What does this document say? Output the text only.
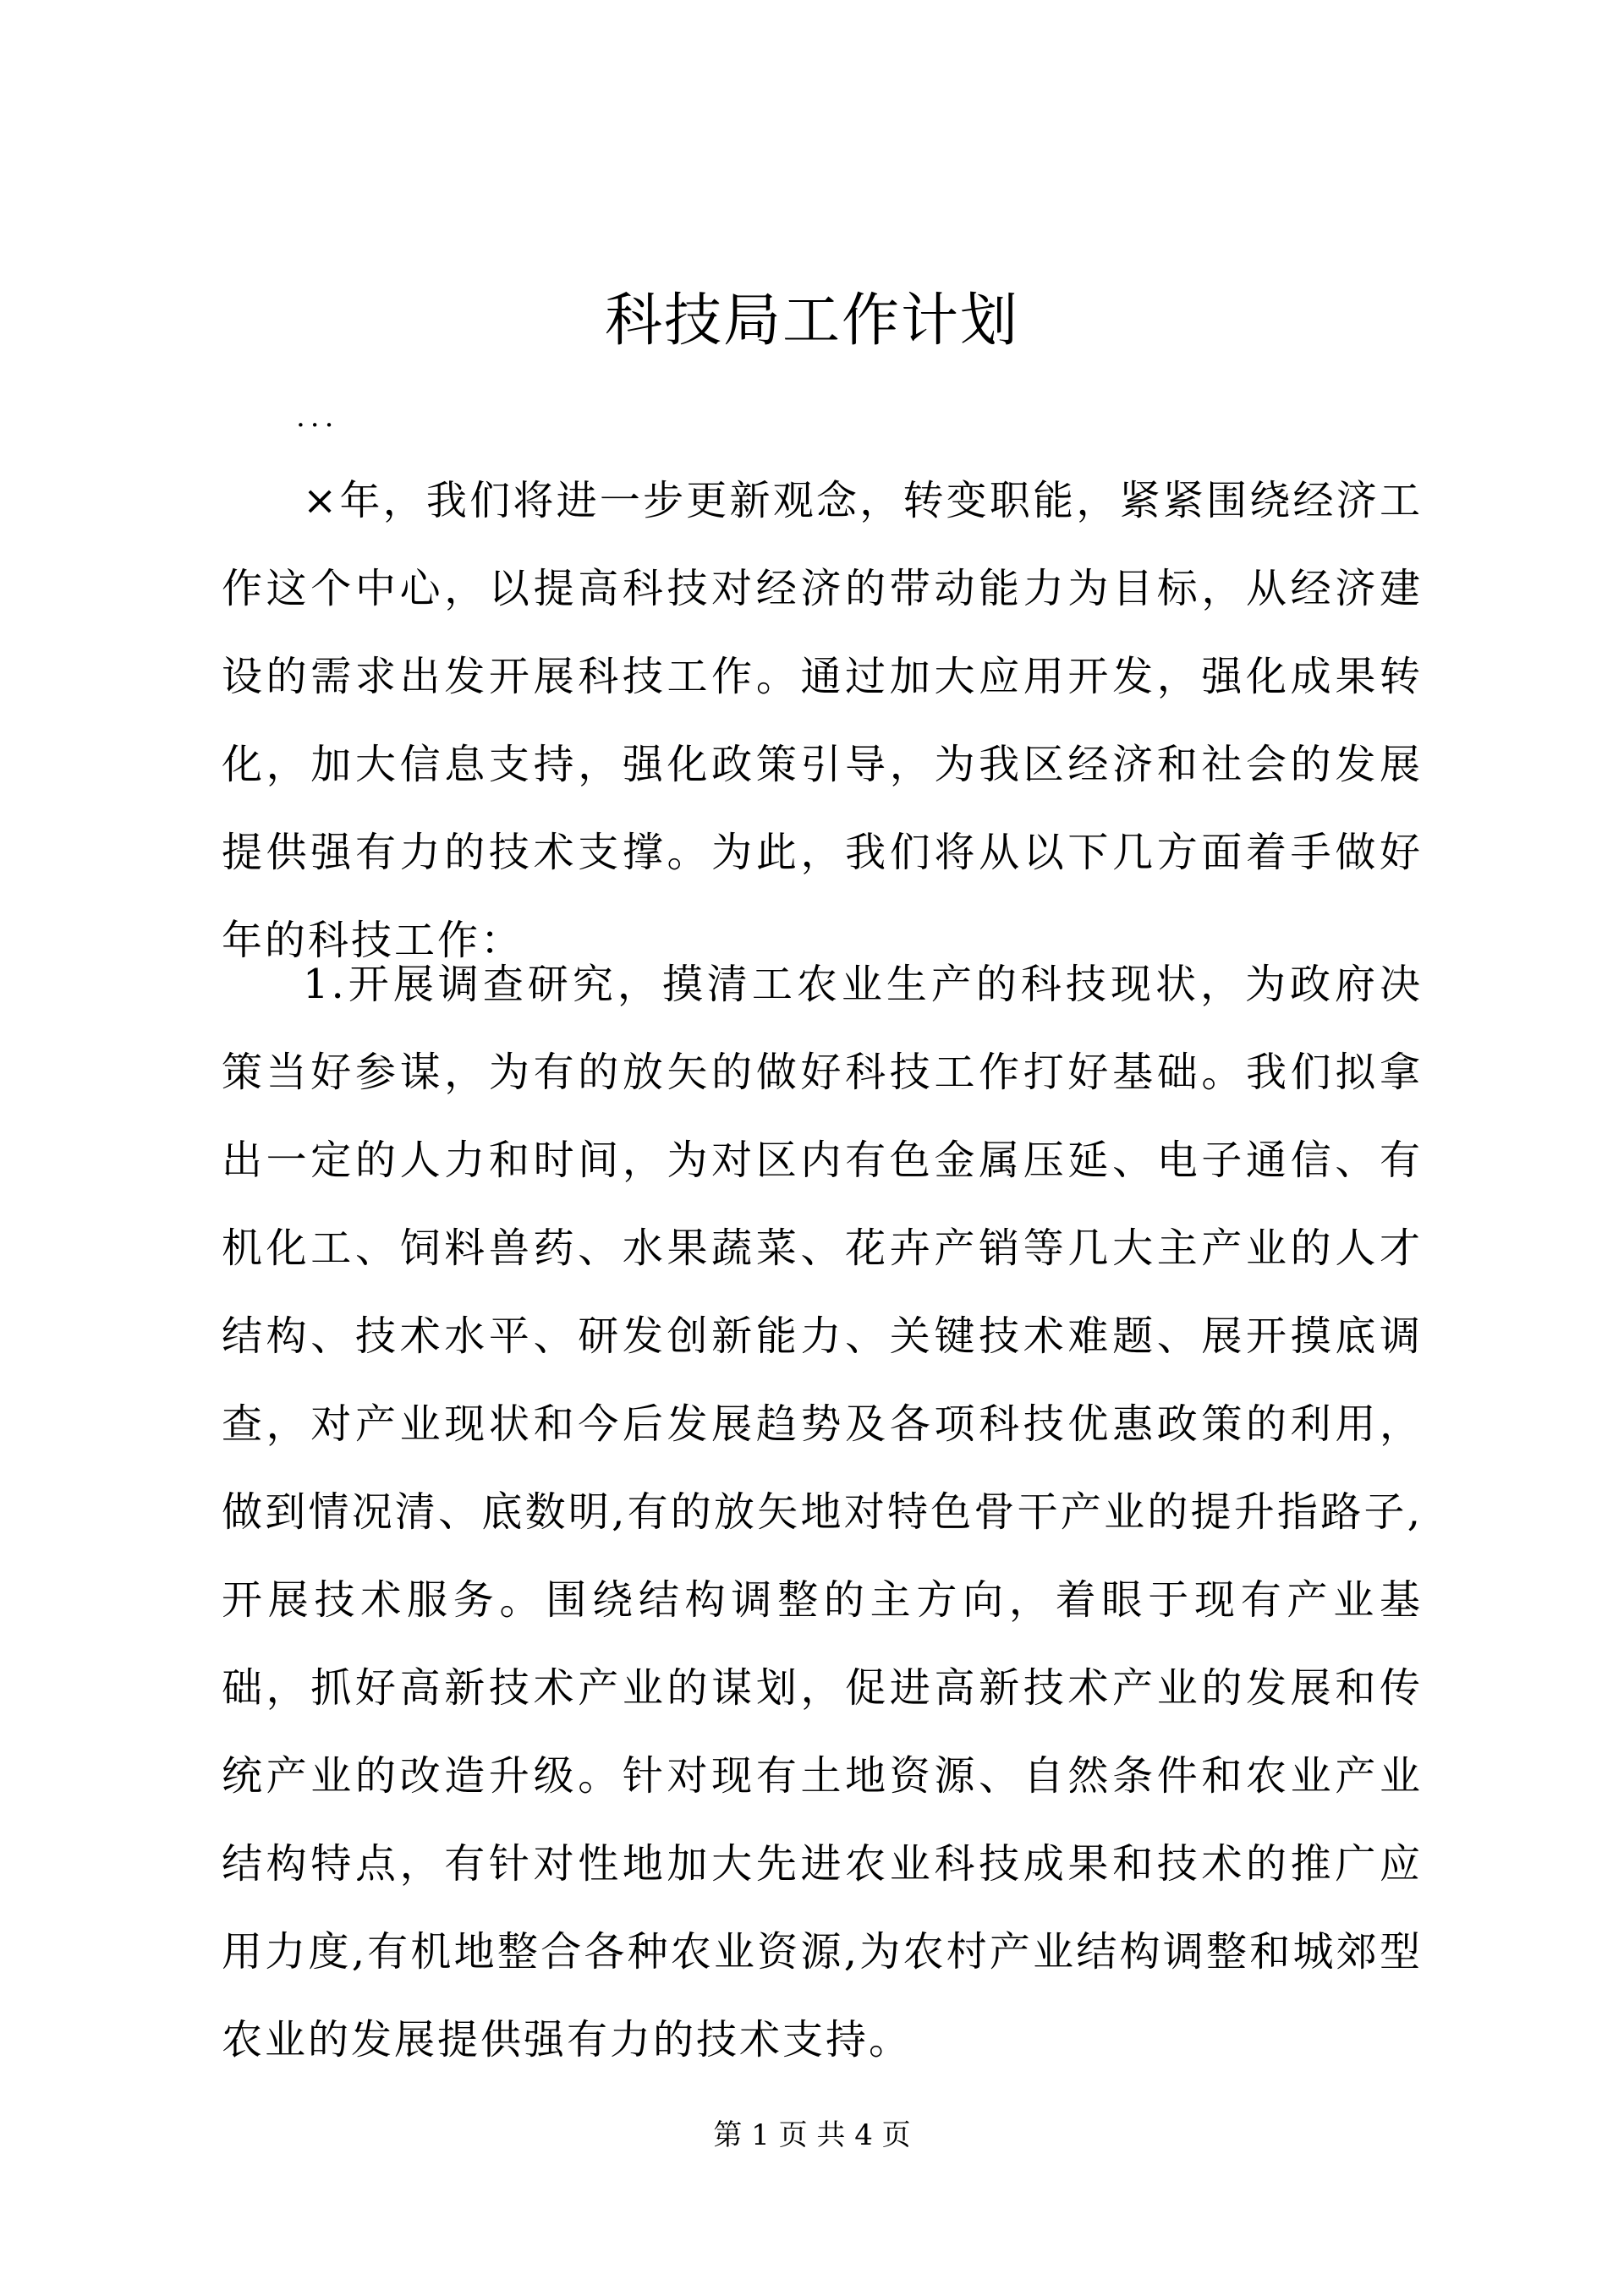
科技局工作计划
...

×年，我们将进一步更新观念，转变职能，紧紧围绕经济工作这个中心，以提高科技对经济的带动能力为目标，从经济建设的需求出发开展科技工作。通过加大应用开发，强化成果转化，加大信息支持，强化政策引导，为我区经济和社会的发展提供强有力的技术支撑。为此，我们将从以下几方面着手做好年的科技工作：

1.开展调查研究，摸清工农业生产的科技现状，为政府决策当好参谋，为有的放矢的做好科技工作打好基础。我们拟拿出一定的人力和时间，为对区内有色金属压延、电子通信、有机化工、饲料兽药、水果蔬菜、花卉产销等几大主产业的人才结构、技术水平、研发创新能力、关键技术难题、展开摸底调查，对产业现状和今后发展趋势及各项科技优惠政策的利用，做到情况清、底数明,有的放矢地对特色骨干产业的提升指路子,开展技术服务。围绕结构调整的主方向，着眼于现有产业基础，抓好高新技术产业的谋划，促进高新技术产业的发展和传统产业的改造升级。针对现有土地资源、自然条件和农业产业结构特点，有针对性地加大先进农业科技成果和技术的推广应用力度,有机地整合各种农业资源,为农村产业结构调整和城郊型农业的发展提供强有力的技术支持。

第 1 页 共 4 页
